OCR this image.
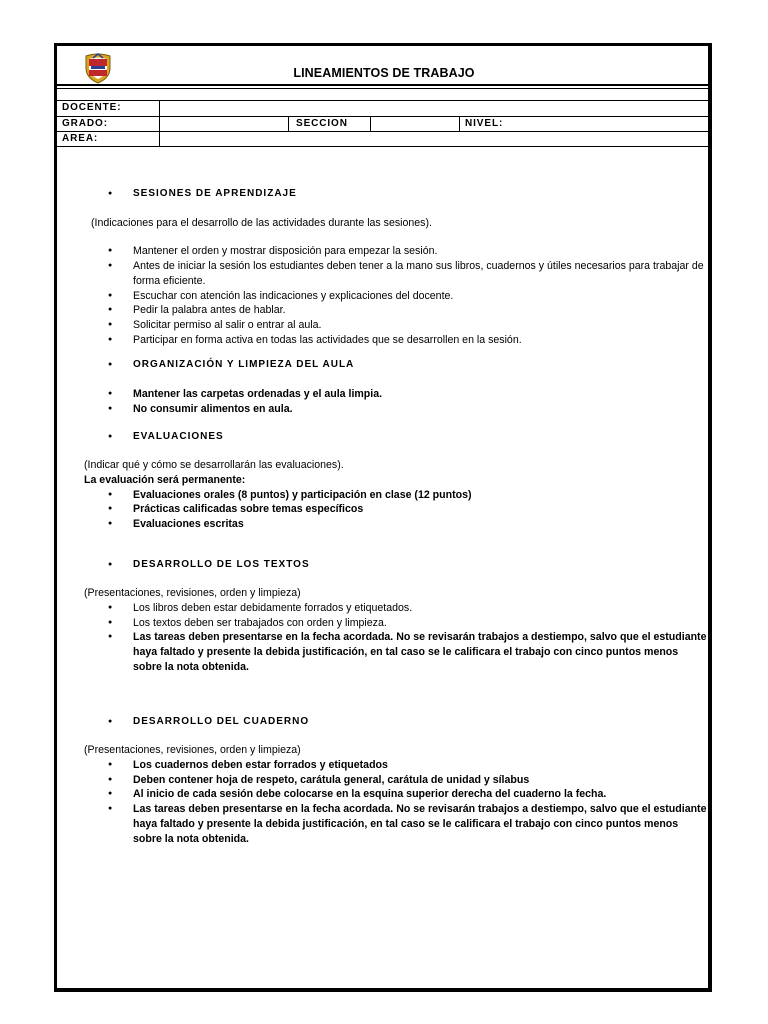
LINEAMIENTOS DE TRABAJO
DOCENTE:
GRADO:	SECCION	NIVEL:
AREA:

● SESIONES DE APRENDIZAJE

(Indicaciones para el desarrollo de las actividades durante las sesiones).

● Mantener el orden y mostrar disposición para empezar la sesión.
● Antes de iniciar la sesión los estudiantes deben tener a la mano sus libros, cuadernos y útiles necesarios para trabajar de forma eficiente.
● Escuchar con atención las indicaciones y explicaciones del docente.
● Pedir la palabra antes de hablar.
● Solicitar permiso al salir o entrar al aula.
● Participar en forma activa en todas las actividades que se desarrollen en la sesión.

● ORGANIZACIÓN Y LIMPIEZA DEL AULA

● Mantener las carpetas ordenadas y el aula limpia.
● No consumir alimentos en aula.

● EVALUACIONES

(Indicar qué y cómo se desarrollarán las evaluaciones).

La evaluación será permanente:

● Evaluaciones orales (8 puntos) y participación en clase (12 puntos)
● Prácticas calificadas sobre temas específicos
● Evaluaciones escritas

● DESARROLLO DE LOS TEXTOS

(Presentaciones, revisiones, orden y limpieza)

● Los libros deben estar debidamente forrados y etiquetados.
● Los textos deben ser trabajados con orden y limpieza.
● Las tareas deben presentarse en la fecha acordada. No se revisarán trabajos a destiempo, salvo que el estudiante haya faltado y presente la debida justificación, en tal caso se le calificara el trabajo con cinco puntos menos sobre la nota obtenida.

● DESARROLLO DEL CUADERNO

(Presentaciones, revisiones, orden y limpieza)

● Los cuadernos deben estar forrados y etiquetados
● Deben contener hoja de respeto, carátula general, carátula de unidad y sílabus
● Al inicio de cada sesión debe colocarse en la esquina superior derecha del cuaderno la fecha.
● Las tareas deben presentarse en la fecha acordada. No se revisarán trabajos a destiempo, salvo que el estudiante haya faltado y presente la debida justificación, en tal caso se le calificara el trabajo con cinco puntos menos sobre la nota obtenida.
